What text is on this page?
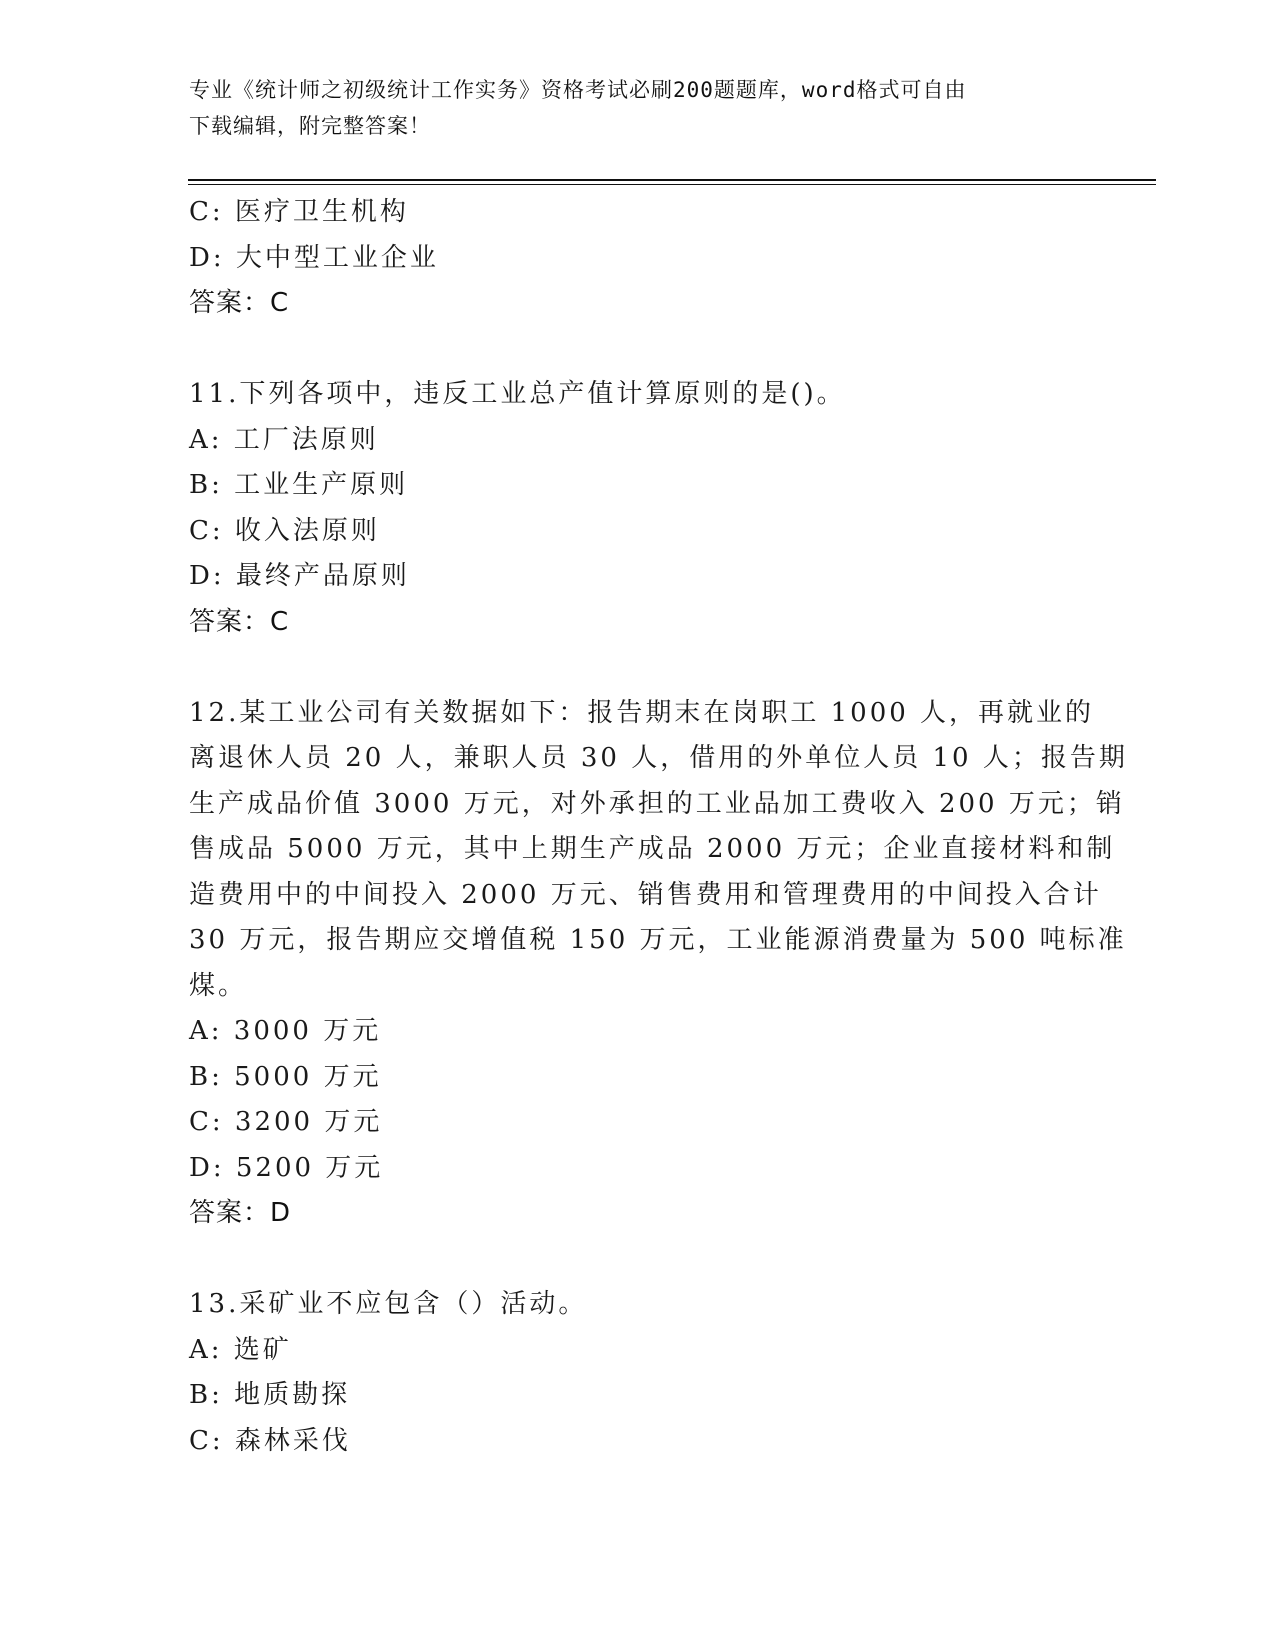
专业《统计师之初级统计工作实务》资格考试必刷200题题库，word格式可自由
下载编辑，附完整答案！
C: 医疗卫生机构
D: 大中型工业企业
答案：C
11.下列各项中，违反工业总产值计算原则的是()。
A: 工厂法原则
B: 工业生产原则
C: 收入法原则
D: 最终产品原则
答案：C
12.某工业公司有关数据如下：报告期末在岗职工 1000 人，再就业的
离退休人员 20 人，兼职人员 30 人，借用的外单位人员 10 人；报告期
生产成品价值 3000 万元，对外承担的工业品加工费收入 200 万元；销
售成品 5000 万元，其中上期生产成品 2000 万元；企业直接材料和制
造费用中的中间投入 2000 万元、销售费用和管理费用的中间投入合计
30 万元，报告期应交增值税 150 万元，工业能源消费量为 500 吨标准
煤。
A: 3000 万元
B: 5000 万元
C: 3200 万元
D: 5200 万元
答案：D
13.采矿业不应包含（）活动。
A: 选矿
B: 地质勘探
C: 森林采伐
